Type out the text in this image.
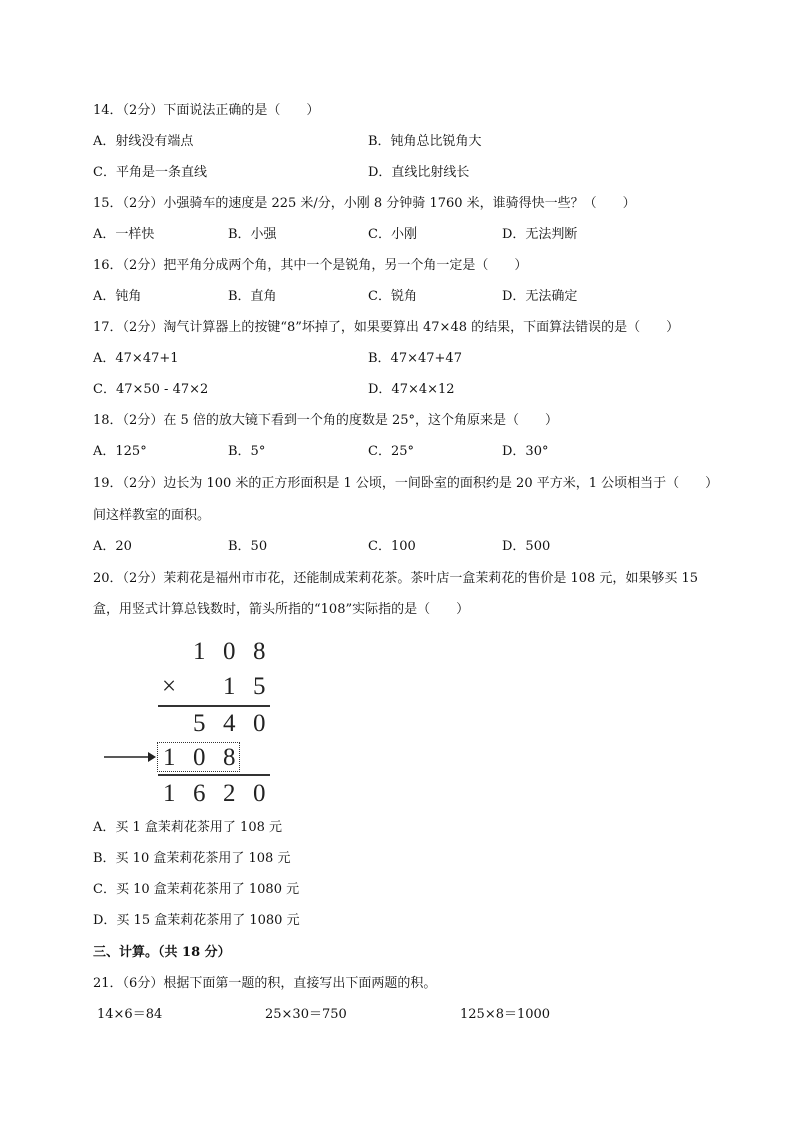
14．（2分）下面说法正确的是（　　）
A．射线没有端点	B．钝角总比锐角大
C．平角是一条直线	D．直线比射线长
15．（2分）小强骑车的速度是 225 米/分，小刚 8 分钟骑 1760 米，谁骑得快一些？（　　）
A．一样快	B．小强	C．小刚	D．无法判断
16．（2分）把平角分成两个角，其中一个是锐角，另一个角一定是（　　）
A．钝角	B．直角	C．锐角	D．无法确定
17．（2分）淘气计算器上的按键“8”坏掉了，如果要算出 47×48 的结果，下面算法错误的是（　　）
A．47×47+1	B．47×47+47
C．47×50 - 47×2	D．47×4×12
18．（2分）在 5 倍的放大镜下看到一个角的度数是 25°，这个角原来是（　　）
A．125°	B．5°	C．25°	D．30°
19．（2分）边长为 100 米的正方形面积是 1 公顷，一间卧室的面积约是 20 平方米，1 公顷相当于（　　）
间这样教室的面积。
A．20	B．50	C．100	D．500
20．（2分）茉莉花是福州市市花，还能制成茉莉花茶。茶叶店一盒茉莉花的售价是 108 元，如果够买 15
盒，用竖式计算总钱数时，箭头所指的“108”实际指的是（　　）
1 0 8
× 1 5
5 4 0
1 0 8
1 6 2 0
A．买 1 盒茉莉花茶用了 108 元
B．买 10 盒茉莉花茶用了 108 元
C．买 10 盒茉莉花茶用了 1080 元
D．买 15 盒茉莉花茶用了 1080 元
三、计算。（共 18 分）
21．（6分）根据下面第一题的积，直接写出下面两题的积。
14×6＝84	25×30＝750	125×8＝1000
